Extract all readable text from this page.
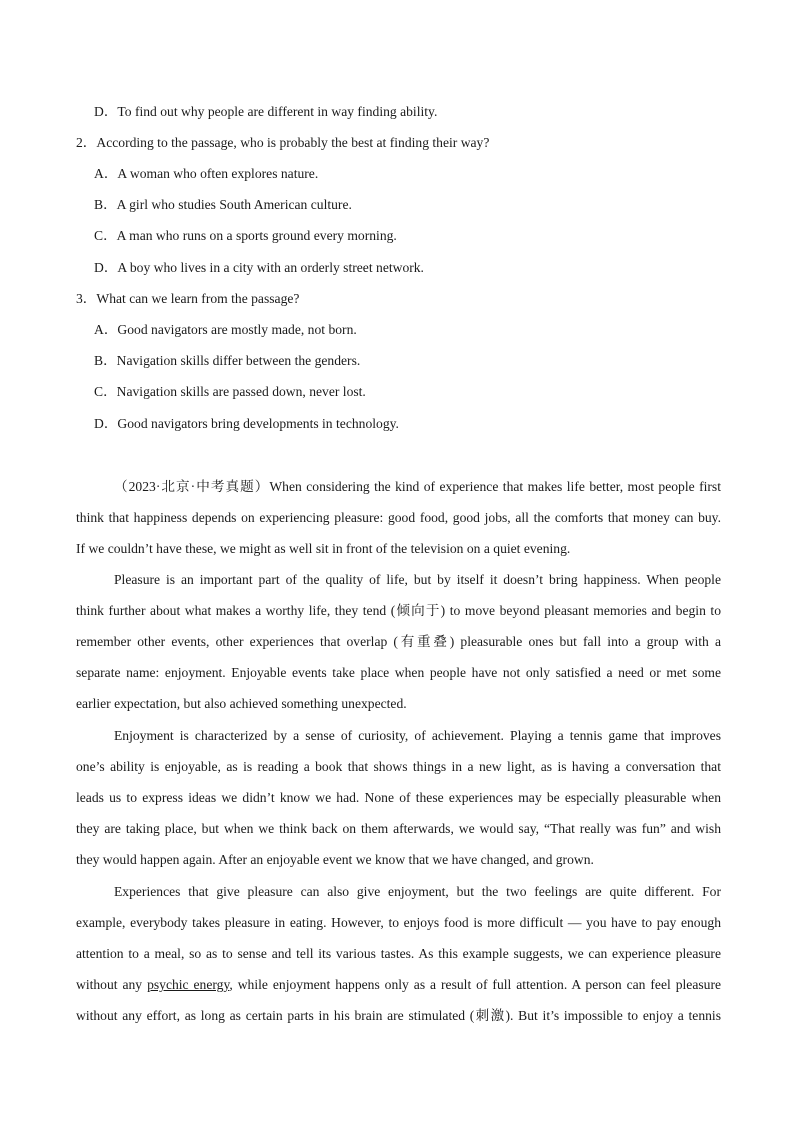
D．To find out why people are different in way finding ability.
2．According to the passage, who is probably the best at finding their way?
A．A woman who often explores nature.
B．A girl who studies South American culture.
C．A man who runs on a sports ground every morning.
D．A boy who lives in a city with an orderly street network.
3．What can we learn from the passage?
A．Good navigators are mostly made, not born.
B．Navigation skills differ between the genders.
C．Navigation skills are passed down, never lost.
D．Good navigators bring developments in technology.
（2023·北京·中考真题）When considering the kind of experience that makes life better, most people first
think that happiness depends on experiencing pleasure: good food, good jobs, all the comforts that money can buy.
If we couldn’t have these, we might as well sit in front of the television on a quiet evening.
Pleasure is an important part of the quality of life, but by itself it doesn’t bring happiness. When people
think further about what makes a worthy life, they tend (倾向于) to move beyond pleasant memories and begin to
remember other events, other experiences that overlap (有重叠) pleasurable ones but fall into a group with a
separate name: enjoyment. Enjoyable events take place when people have not only satisfied a need or met some
earlier expectation, but also achieved something unexpected.
Enjoyment is characterized by a sense of curiosity, of achievement. Playing a tennis game that improves
one’s ability is enjoyable, as is reading a book that shows things in a new light, as is having a conversation that
leads us to express ideas we didn’t know we had. None of these experiences may be especially pleasurable when
they are taking place, but when we think back on them afterwards, we would say, “That really was fun” and wish
they would happen again. After an enjoyable event we know that we have changed, and grown.
Experiences that give pleasure can also give enjoyment, but the two feelings are quite different. For
example, everybody takes pleasure in eating. However, to enjoys food is more difficult — you have to pay enough
attention to a meal, so as to sense and tell its various tastes. As this example suggests, we can experience pleasure
without any psychic energy, while enjoyment happens only as a result of full attention. A person can feel pleasure
without any effort, as long as certain parts in his brain are stimulated (刺激). But it’s impossible to enjoy a tennis
